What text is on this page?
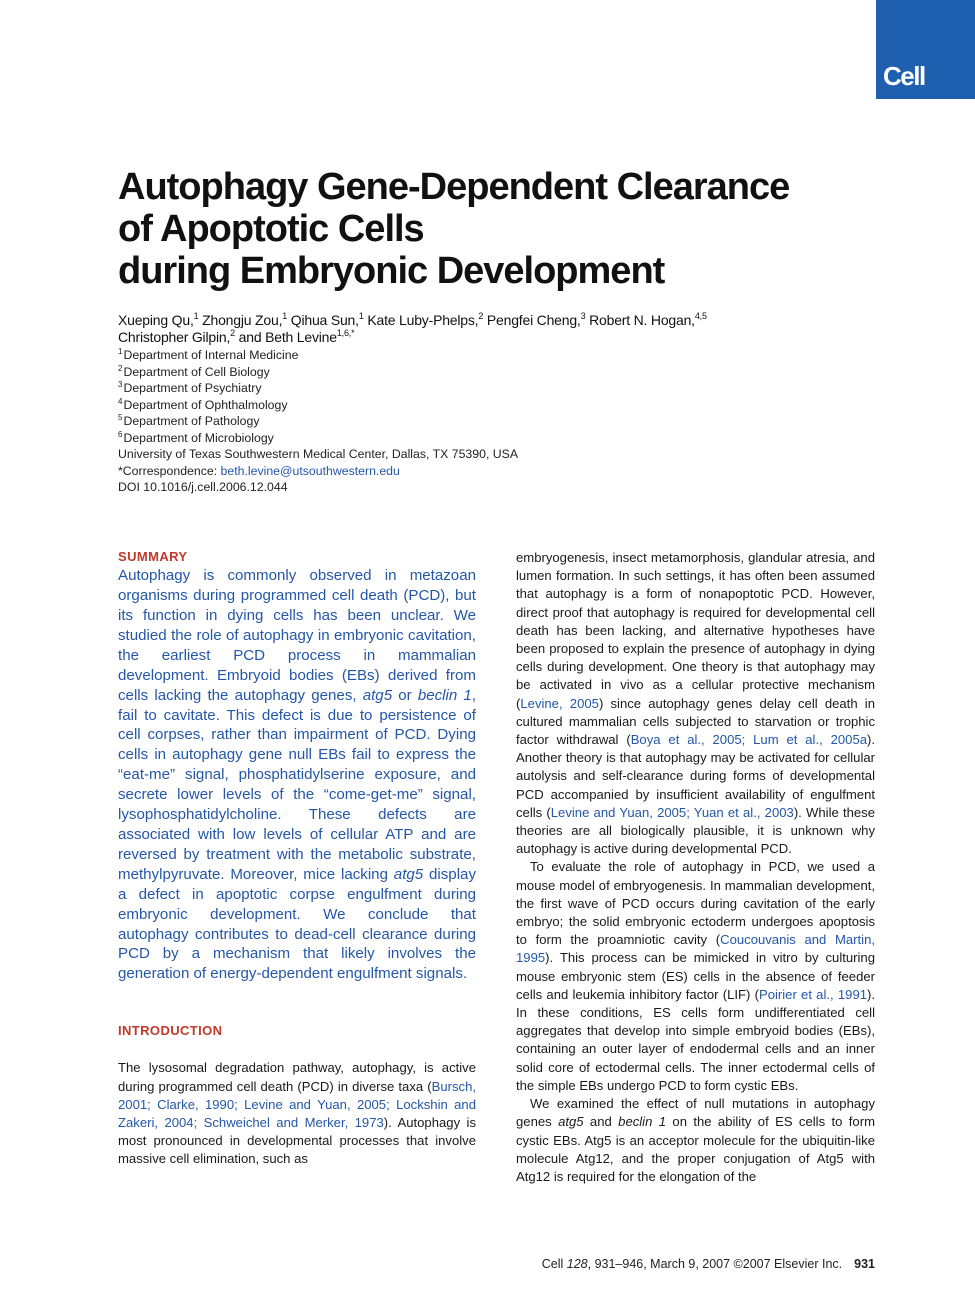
Cell
Autophagy Gene-Dependent Clearance
of Apoptotic Cells
during Embryonic Development
Xueping Qu,$^1$ Zhongju Zou,$^1$ Qihua Sun,$^1$ Kate Luby-Phelps,$^2$ Pengfei Cheng,$^3$ Robert N. Hogan,$^{4,5}$
Christopher Gilpin,$^2$ and Beth Levine$^{1,6,*}$
$^1$Department of Internal Medicine
$^2$Department of Cell Biology
$^3$Department of Psychiatry
$^4$Department of Ophthalmology
$^5$Department of Pathology
$^6$Department of Microbiology
University of Texas Southwestern Medical Center, Dallas, TX 75390, USA
*Correspondence: beth.levine@utsouthwestern.edu
DOI 10.1016/j.cell.2006.12.044
SUMMARY

Autophagy is commonly observed in metazoan organisms during programmed cell death (PCD), but its function in dying cells has been unclear. We studied the role of autophagy in embryonic cavitation, the earliest PCD process in mammalian development. Embryoid bodies (EBs) derived from cells lacking the autophagy genes, atg5 or beclin 1, fail to cavitate. This defect is due to persistence of cell corpses, rather than impairment of PCD. Dying cells in autophagy gene null EBs fail to express the “eat-me” signal, phosphatidylserine exposure, and secrete lower levels of the “come-get-me” signal, lysophosphatidylcholine. These defects are associated with low levels of cellular ATP and are reversed by treatment with the metabolic substrate, methylpyruvate. Moreover, mice lacking atg5 display a defect in apoptotic corpse engulfment during embryonic development. We conclude that autophagy contributes to dead-cell clearance during PCD by a mechanism that likely involves the generation of energy-dependent engulfment signals.

INTRODUCTION

The lysosomal degradation pathway, autophagy, is active during programmed cell death (PCD) in diverse taxa (Bursch, 2001; Clarke, 1990; Levine and Yuan, 2005; Lockshin and Zakeri, 2004; Schweichel and Merker, 1973). Autophagy is most pronounced in developmental processes that involve massive cell elimination, such as

embryogenesis, insect metamorphosis, glandular atresia, and lumen formation. In such settings, it has often been assumed that autophagy is a form of nonapoptotic PCD. However, direct proof that autophagy is required for developmental cell death has been lacking, and alternative hypotheses have been proposed to explain the presence of autophagy in dying cells during development. One theory is that autophagy may be activated in vivo as a cellular protective mechanism (Levine, 2005) since autophagy genes delay cell death in cultured mammalian cells subjected to starvation or trophic factor withdrawal (Boya et al., 2005; Lum et al., 2005a). Another theory is that autophagy may be activated for cellular autolysis and self-clearance during forms of developmental PCD accompanied by insufficient availability of engulfment cells (Levine and Yuan, 2005; Yuan et al., 2003). While these theories are all biologically plausible, it is unknown why autophagy is active during developmental PCD.

To evaluate the role of autophagy in PCD, we used a mouse model of embryogenesis. In mammalian development, the first wave of PCD occurs during cavitation of the early embryo; the solid embryonic ectoderm undergoes apoptosis to form the proamniotic cavity (Coucouvanis and Martin, 1995). This process can be mimicked in vitro by culturing mouse embryonic stem (ES) cells in the absence of feeder cells and leukemia inhibitory factor (LIF) (Poirier et al., 1991). In these conditions, ES cells form undifferentiated cell aggregates that develop into simple embryoid bodies (EBs), containing an outer layer of endodermal cells and an inner solid core of ectodermal cells. The inner ectodermal cells of the simple EBs undergo PCD to form cystic EBs.

We examined the effect of null mutations in autophagy genes atg5 and beclin 1 on the ability of ES cells to form cystic EBs. Atg5 is an acceptor molecule for the ubiquitin-like molecule Atg12, and the proper conjugation of Atg5 with Atg12 is required for the elongation of the

Cell 128, 931–946, March 9, 2007 ©2007 Elsevier Inc. 931
